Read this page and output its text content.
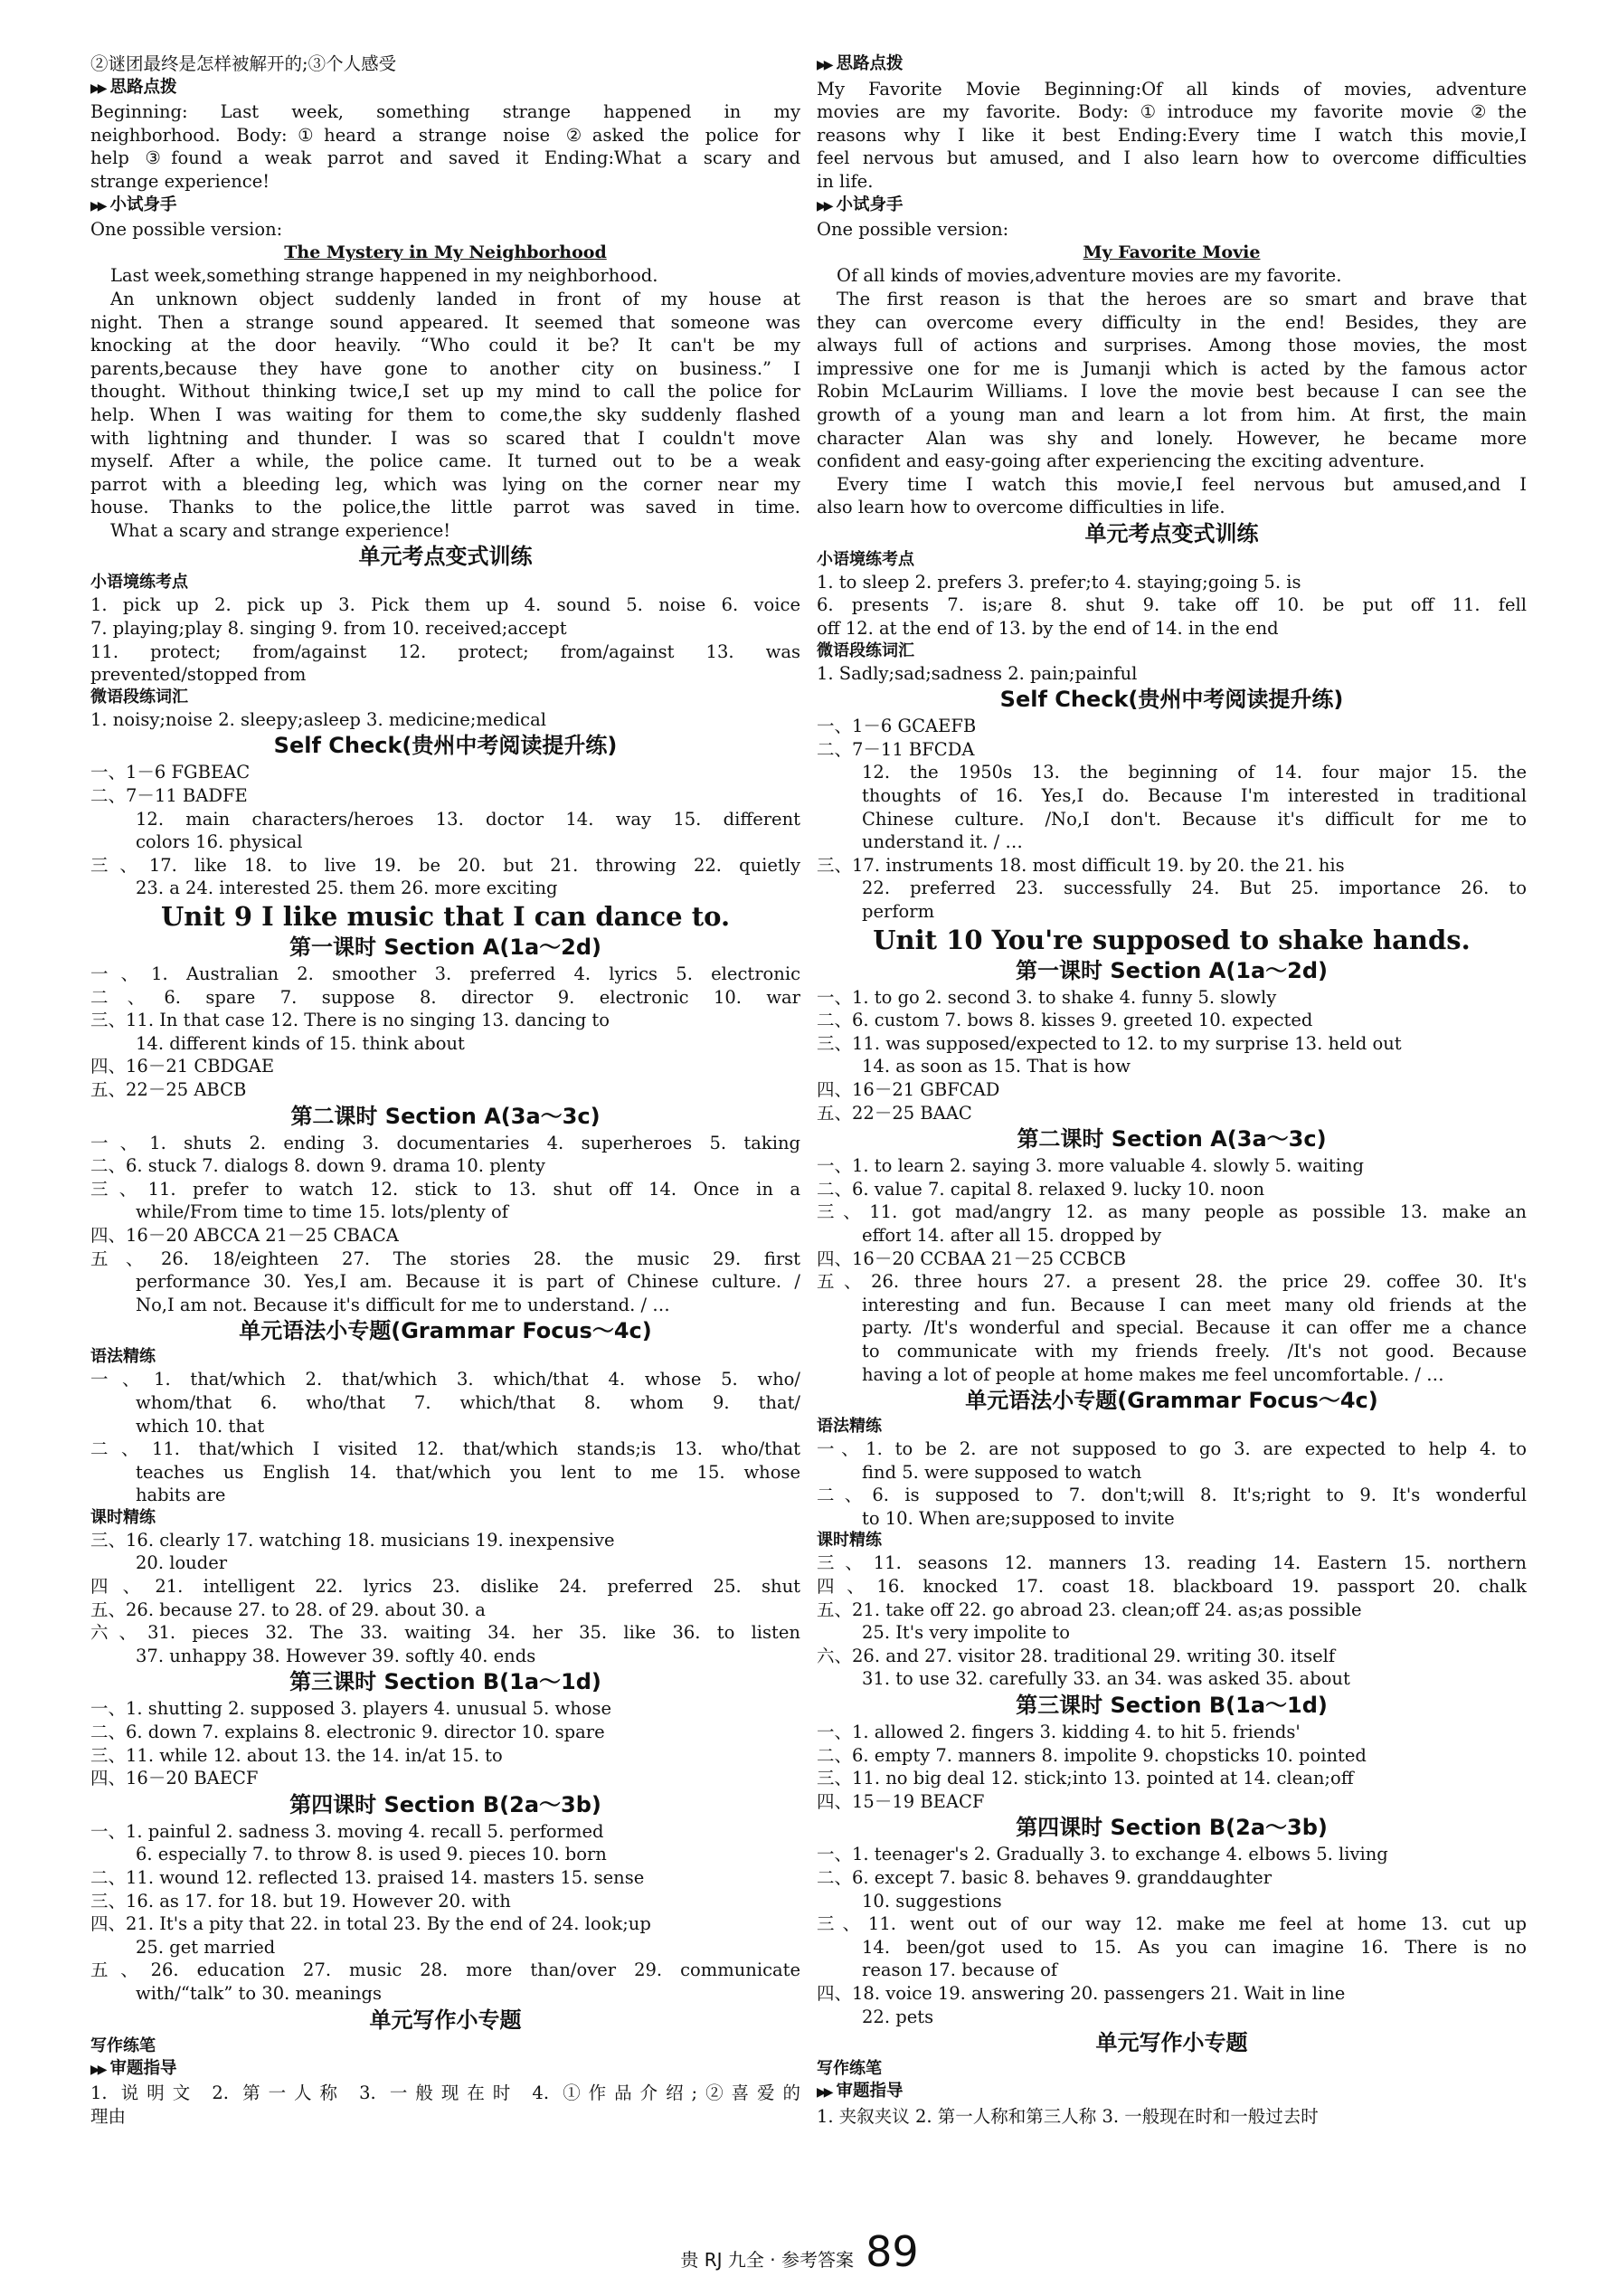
②谜团最终是怎样被解开的;③个人感受
▶▶ 思路点拨
Beginning: Last week, something strange happened in my
neighborhood. Body:①heard a strange noise ②asked the police for
help ③found a weak parrot and saved it Ending:What a scary and
strange experience!
▶▶ 小试身手
One possible version:
The Mystery in My Neighborhood
Last week,something strange happened in my neighborhood.
An unknown object suddenly landed in front of my house at
night. Then a strange sound appeared. It seemed that someone was
knocking at the door heavily. “Who could it be? It can't be my
parents,because they have gone to another city on business.” I
thought. Without thinking twice,I set up my mind to call the police for
help. When I was waiting for them to come,the sky suddenly flashed
with lightning and thunder. I was so scared that I couldn't move
myself. After a while, the police came. It turned out to be a weak
parrot with a bleeding leg, which was lying on the corner near my
house. Thanks to the police,the little parrot was saved in time.
What a scary and strange experience!
单元考点变式训练
小语境练考点
1. pick up 2. pick up 3. Pick them up 4. sound 5. noise 6. voice
7. playing;play 8. singing 9. from 10. received;accept
11. protect; from/against 12. protect; from/against 13. was
prevented/stopped from
微语段练词汇
1. noisy;noise 2. sleepy;asleep 3. medicine;medical
Self Check(贵州中考阅读提升练)
一、1－6 FGBEAC
二、7－11 BADFE
12. main characters/heroes 13. doctor 14. way 15. different
colors 16. physical
三、17. like 18. to live 19. be 20. but 21. throwing 22. quietly
23. a 24. interested 25. them 26. more exciting
Unit 9 I like music that I can dance to.
第一课时 Section A(1a～2d)
一、1. Australian 2. smoother 3. preferred 4. lyrics 5. electronic
二、6. spare 7. suppose 8. director 9. electronic 10. war
三、11. In that case 12. There is no singing 13. dancing to
14. different kinds of 15. think about
四、16－21 CBDGAE
五、22－25 ABCB
第二课时 Section A(3a～3c)
一、1. shuts 2. ending 3. documentaries 4. superheroes 5. taking
二、6. stuck 7. dialogs 8. down 9. drama 10. plenty
三、11. prefer to watch 12. stick to 13. shut off 14. Once in a
while/From time to time 15. lots/plenty of
四、16－20 ABCCA 21－25 CBACA
五、26. 18/eighteen 27. The stories 28. the music 29. first
performance 30. Yes,I am. Because it is part of Chinese culture. /
No,I am not. Because it's difficult for me to understand. / …
单元语法小专题(Grammar Focus～4c)
语法精练
一、1. that/which 2. that/which 3. which/that 4. whose 5. who/
whom/that 6. who/that 7. which/that 8. whom 9. that/
which 10. that
二、11. that/which I visited 12. that/which stands;is 13. who/that
teaches us English 14. that/which you lent to me 15. whose
habits are
课时精练
三、16. clearly 17. watching 18. musicians 19. inexpensive
20. louder
四、21. intelligent 22. lyrics 23. dislike 24. preferred 25. shut
五、26. because 27. to 28. of 29. about 30. a
六、31. pieces 32. The 33. waiting 34. her 35. like 36. to listen
37. unhappy 38. However 39. softly 40. ends
第三课时 Section B(1a～1d)
一、1. shutting 2. supposed 3. players 4. unusual 5. whose
二、6. down 7. explains 8. electronic 9. director 10. spare
三、11. while 12. about 13. the 14. in/at 15. to
四、16－20 BAECF
第四课时 Section B(2a～3b)
一、1. painful 2. sadness 3. moving 4. recall 5. performed
6. especially 7. to throw 8. is used 9. pieces 10. born
二、11. wound 12. reflected 13. praised 14. masters 15. sense
三、16. as 17. for 18. but 19. However 20. with
四、21. It's a pity that 22. in total 23. By the end of 24. look;up
25. get married
五、26. education 27. music 28. more than/over 29. communicate
with/“talk” to 30. meanings
单元写作小专题
写作练笔
▶▶ 审题指导
1. 说明文 2. 第一人称 3. 一般现在时 4. ①作品介绍;②喜爱的
理由
▶▶ 思路点拨
My Favorite Movie Beginning:Of all kinds of movies, adventure
movies are my favorite. Body:①introduce my favorite movie ②the
reasons why I like it best Ending:Every time I watch this movie,I
feel nervous but amused, and I also learn how to overcome difficulties
in life.
▶▶ 小试身手
One possible version:
My Favorite Movie
Of all kinds of movies,adventure movies are my favorite.
The first reason is that the heroes are so smart and brave that
they can overcome every difficulty in the end! Besides, they are
always full of actions and surprises. Among those movies, the most
impressive one for me is Jumanji which is acted by the famous actor
Robin McLaurim Williams. I love the movie best because I can see the
growth of a young man and learn a lot from him. At first, the main
character Alan was shy and lonely. However, he became more
confident and easy-going after experiencing the exciting adventure.
Every time I watch this movie,I feel nervous but amused,and I
also learn how to overcome difficulties in life.
单元考点变式训练
小语境练考点
1. to sleep 2. prefers 3. prefer;to 4. staying;going 5. is
6. presents 7. is;are 8. shut 9. take off 10. be put off 11. fell
off 12. at the end of 13. by the end of 14. in the end
微语段练词汇
1. Sadly;sad;sadness 2. pain;painful
Self Check(贵州中考阅读提升练)
一、1－6 GCAEFB
二、7－11 BFCDA
12. the 1950s 13. the beginning of 14. four major 15. the
thoughts of 16. Yes,I do. Because I'm interested in traditional
Chinese culture. /No,I don't. Because it's difficult for me to
understand it. / …
三、17. instruments 18. most difficult 19. by 20. the 21. his
22. preferred 23. successfully 24. But 25. importance 26. to
perform
Unit 10 You're supposed to shake hands.
第一课时 Section A(1a～2d)
一、1. to go 2. second 3. to shake 4. funny 5. slowly
二、6. custom 7. bows 8. kisses 9. greeted 10. expected
三、11. was supposed/expected to 12. to my surprise 13. held out
14. as soon as 15. That is how
四、16－21 GBFCAD
五、22－25 BAAC
第二课时 Section A(3a～3c)
一、1. to learn 2. saying 3. more valuable 4. slowly 5. waiting
二、6. value 7. capital 8. relaxed 9. lucky 10. noon
三、11. got mad/angry 12. as many people as possible 13. make an
effort 14. after all 15. dropped by
四、16－20 CCBAA 21－25 CCBCB
五、26. three hours 27. a present 28. the price 29. coffee 30. It's
interesting and fun. Because I can meet many old friends at the
party. /It's wonderful and special. Because it can offer me a chance
to communicate with my friends freely. /It's not good. Because
having a lot of people at home makes me feel uncomfortable. / …
单元语法小专题(Grammar Focus～4c)
语法精练
一、1. to be 2. are not supposed to go 3. are expected to help 4. to
find 5. were supposed to watch
二、6. is supposed to 7. don't;will 8. It's;right to 9. It's wonderful
to 10. When are;supposed to invite
课时精练
三、11. seasons 12. manners 13. reading 14. Eastern 15. northern
四、16. knocked 17. coast 18. blackboard 19. passport 20. chalk
五、21. take off 22. go abroad 23. clean;off 24. as;as possible
25. It's very impolite to
六、26. and 27. visitor 28. traditional 29. writing 30. itself
31. to use 32. carefully 33. an 34. was asked 35. about
第三课时 Section B(1a～1d)
一、1. allowed 2. fingers 3. kidding 4. to hit 5. friends'
二、6. empty 7. manners 8. impolite 9. chopsticks 10. pointed
三、11. no big deal 12. stick;into 13. pointed at 14. clean;off
四、15－19 BEACF
第四课时 Section B(2a～3b)
一、1. teenager's 2. Gradually 3. to exchange 4. elbows 5. living
二、6. except 7. basic 8. behaves 9. granddaughter
10. suggestions
三、11. went out of our way 12. make me feel at home 13. cut up
14. been/got used to 15. As you can imagine 16. There is no
reason 17. because of
四、18. voice 19. answering 20. passengers 21. Wait in line
22. pets
单元写作小专题
写作练笔
▶▶ 审题指导
1. 夹叙夹议 2. 第一人称和第三人称 3. 一般现在时和一般过去时
贵 RJ 九全 · 参考答案 89
